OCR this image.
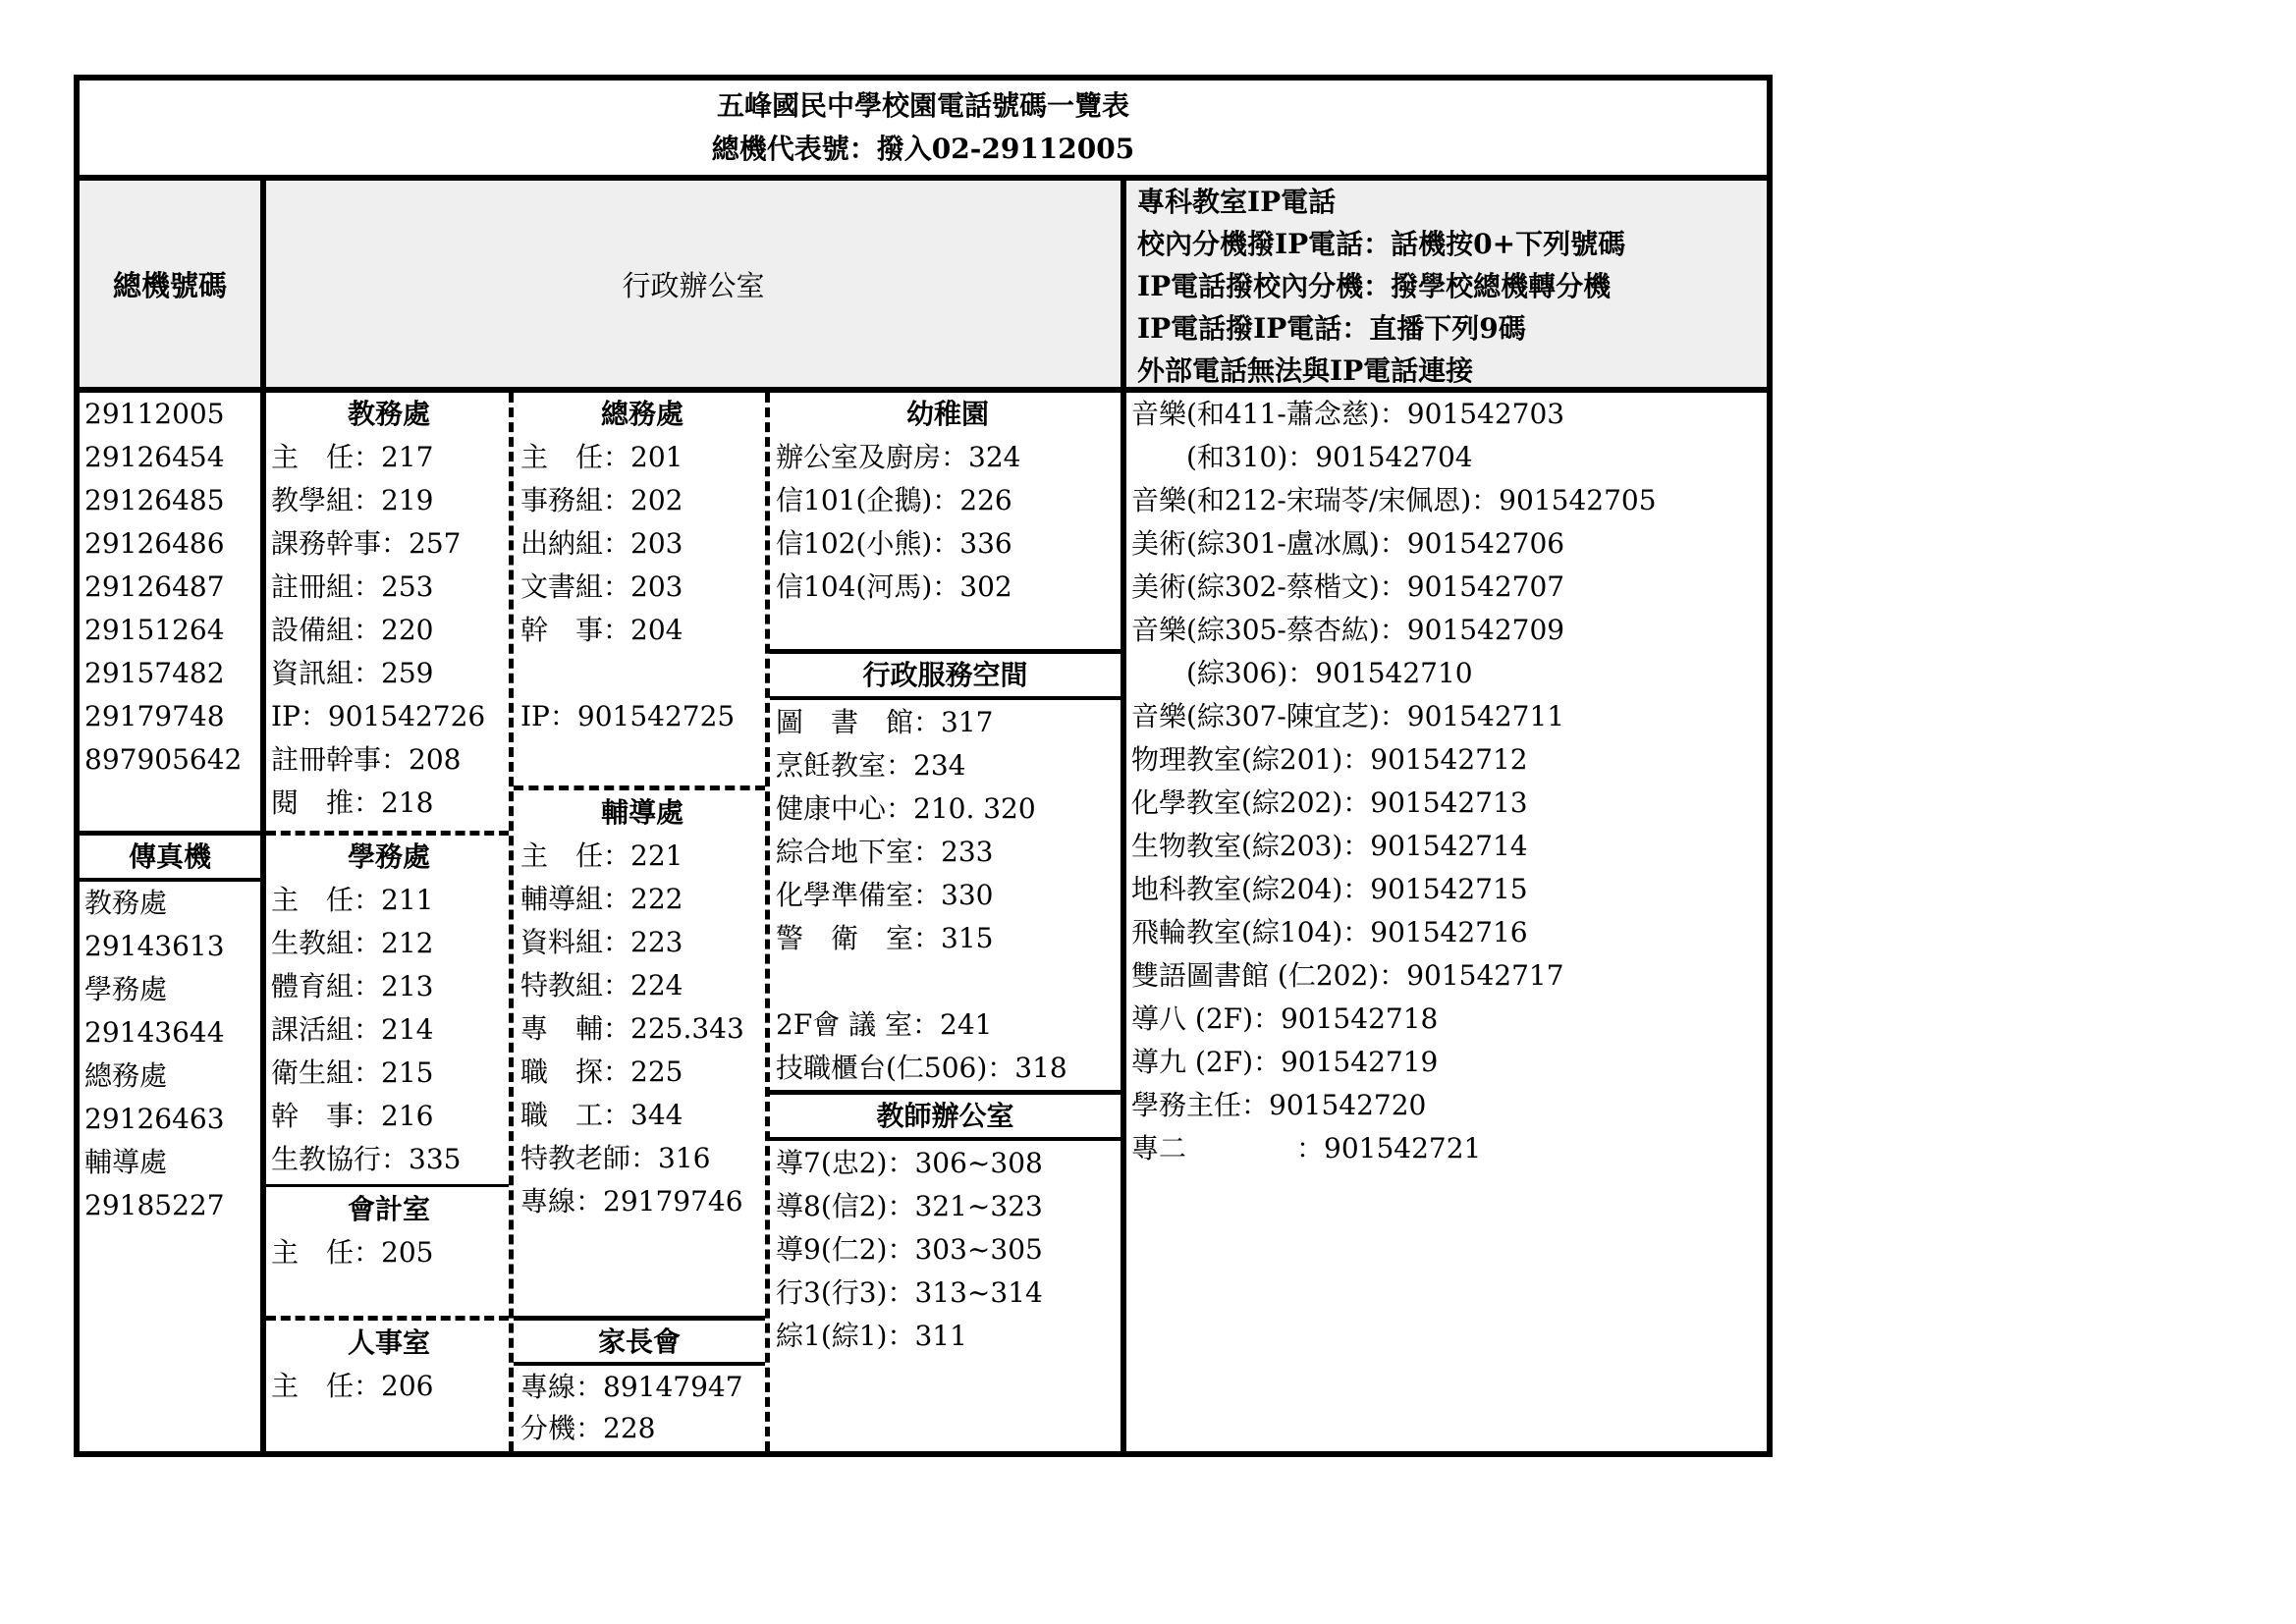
五峰國民中學校園電話號碼一覽表
總機代表號：撥入02-29112005
總機號碼	行政辦公室
專科教室IP電話
校內分機撥IP電話：話機按0+下列號碼
IP電話撥校內分機：撥學校總機轉分機
IP電話撥IP電話：直播下列9碼
外部電話無法與IP電話連接
29112005
29126454
29126485
29126486
29126487
29151264
29157482
29179748
897905642
傳真機
教務處
29143613
學務處
29143644
總務處
29126463
輔導處
29185227
教務處
主　任：217
教學組：219
課務幹事：257
註冊組：253
設備組：220
資訊組：259
IP：901542726
註冊幹事：208
閱　推：218
學務處
主　任：211
生教組：212
體育組：213
課活組：214
衛生組：215
幹　事：216
生教協行：335
會計室
主　任：205
人事室
主　任：206
總務處
主　任：201
事務組：202
出納組：203
文書組：203
幹　事：204
IP：901542725
輔導處
主　任：221
輔導組：222
資料組：223
特教組：224
專　輔：225.343
職　探：225
職　工：344
特教老師：316
專線：29179746
家長會
專線：89147947
分機：228
幼稚園
辦公室及廚房：324
信101(企鵝)：226
信102(小熊)：336
信104(河馬)：302
行政服務空間
圖　書　館：317
烹飪教室：234
健康中心：210. 320
綜合地下室：233
化學準備室：330
警　衛　室：315
2F會 議 室：241
技職櫃台(仁506)：318
教師辦公室
導7(忠2)：306~308
導8(信2)：321~323
導9(仁2)：303~305
行3(行3)：313~314
綜1(綜1)：311
音樂(和411-蕭念慈)：901542703
　　(和310)：901542704
音樂(和212-宋瑞苓/宋佩恩)：901542705
美術(綜301-盧冰鳳)：901542706
美術(綜302-蔡楷文)：901542707
音樂(綜305-蔡杏紘)：901542709
　　(綜306)：901542710
音樂(綜307-陳宜芝)：901542711
物理教室(綜201)：901542712
化學教室(綜202)：901542713
生物教室(綜203)：901542714
地科教室(綜204)：901542715
飛輪教室(綜104)：901542716
雙語圖書館 (仁202)：901542717
導八 (2F)：901542718
導九 (2F)：901542719
學務主任：901542720
專二　　　　：901542721
